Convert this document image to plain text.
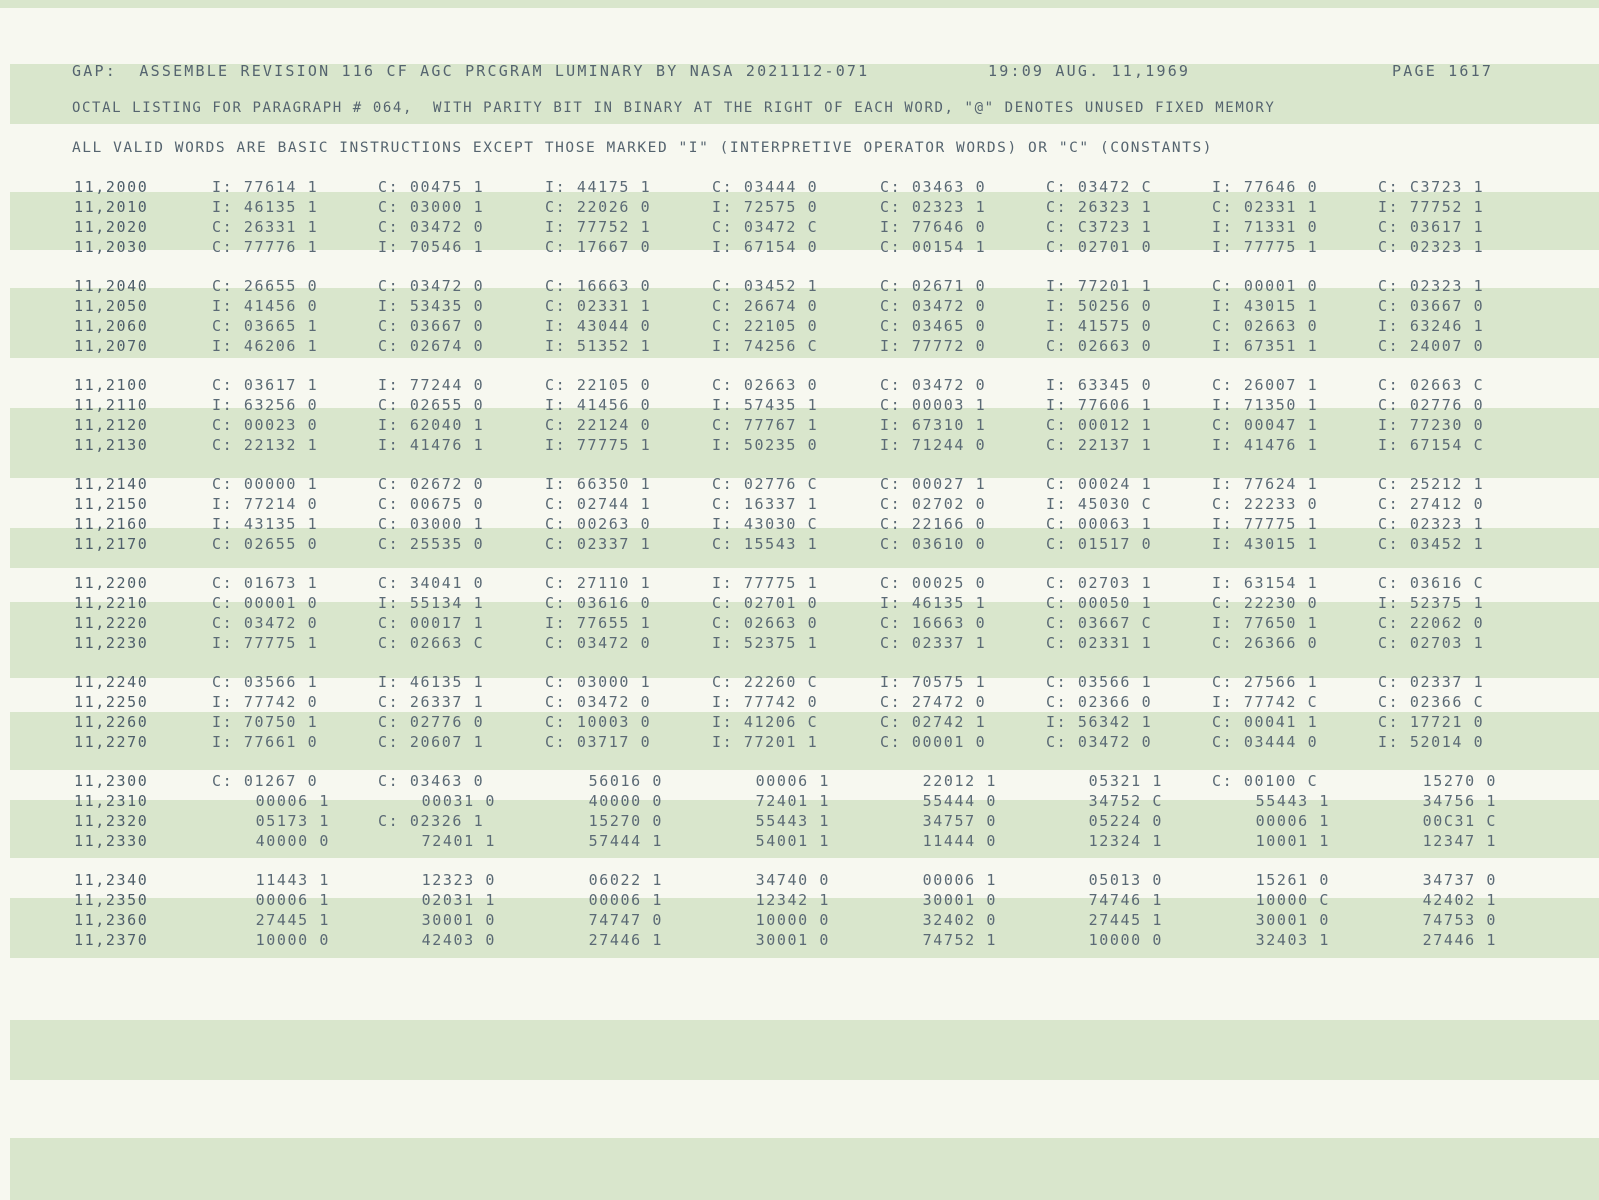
GAP:  ASSEMBLE REVISION 116 CF AGC PRCGRAM LUMINARY BY NASA 2021112-071	19:09 AUG. 11,1969	PAGE 1617
OCTAL LISTING FOR PARAGRAPH # 064,  WITH PARITY BIT IN BINARY AT THE RIGHT OF EACH WORD, "@" DENOTES UNUSED FIXED MEMORY
ALL VALID WORDS ARE BASIC INSTRUCTIONS EXCEPT THOSE MARKED "I" (INTERPRETIVE OPERATOR WORDS) OR "C" (CONSTANTS)
11,2000	I: 77614 1	C: 00475 1	I: 44175 1	C: 03444 0	C: 03463 0	C: 03472 C	I: 77646 0	C: C3723 1
11,2010	I: 46135 1	C: 03000 1	C: 22026 0	I: 72575 0	C: 02323 1	C: 26323 1	C: 02331 1	I: 77752 1
11,2020	C: 26331 1	C: 03472 0	I: 77752 1	C: 03472 C	I: 77646 0	C: C3723 1	I: 71331 0	C: 03617 1
11,2030	C: 77776 1	I: 70546 1	C: 17667 0	I: 67154 0	C: 00154 1	C: 02701 0	I: 77775 1	C: 02323 1
11,2040	C: 26655 0	C: 03472 0	C: 16663 0	C: 03452 1	C: 02671 0	I: 77201 1	C: 00001 0	C: 02323 1
11,2050	I: 41456 0	I: 53435 0	C: 02331 1	C: 26674 0	C: 03472 0	I: 50256 0	I: 43015 1	C: 03667 0
11,2060	C: 03665 1	C: 03667 0	I: 43044 0	C: 22105 0	C: 03465 0	I: 41575 0	C: 02663 0	I: 63246 1
11,2070	I: 46206 1	C: 02674 0	I: 51352 1	I: 74256 C	I: 77772 0	C: 02663 0	I: 67351 1	C: 24007 0
11,2100	C: 03617 1	I: 77244 0	C: 22105 0	C: 02663 0	C: 03472 0	I: 63345 0	C: 26007 1	C: 02663 C
11,2110	I: 63256 0	C: 02655 0	I: 41456 0	I: 57435 1	C: 00003 1	I: 77606 1	I: 71350 1	C: 02776 0
11,2120	C: 00023 0	I: 62040 1	C: 22124 0	C: 77767 1	I: 67310 1	C: 00012 1	C: 00047 1	I: 77230 0
11,2130	C: 22132 1	I: 41476 1	I: 77775 1	I: 50235 0	I: 71244 0	C: 22137 1	I: 41476 1	I: 67154 C
11,2140	C: 00000 1	C: 02672 0	I: 66350 1	C: 02776 C	C: 00027 1	C: 00024 1	I: 77624 1	C: 25212 1
11,2150	I: 77214 0	C: 00675 0	C: 02744 1	C: 16337 1	C: 02702 0	I: 45030 C	C: 22233 0	C: 27412 0
11,2160	I: 43135 1	C: 03000 1	C: 00263 0	I: 43030 C	C: 22166 0	C: 00063 1	I: 77775 1	C: 02323 1
11,2170	C: 02655 0	C: 25535 0	C: 02337 1	C: 15543 1	C: 03610 0	C: 01517 0	I: 43015 1	C: 03452 1
11,2200	C: 01673 1	C: 34041 0	C: 27110 1	I: 77775 1	C: 00025 0	C: 02703 1	I: 63154 1	C: 03616 C
11,2210	C: 00001 0	I: 55134 1	C: 03616 0	C: 02701 0	I: 46135 1	C: 00050 1	C: 22230 0	I: 52375 1
11,2220	C: 03472 0	C: 00017 1	I: 77655 1	C: 02663 0	C: 16663 0	C: 03667 C	I: 77650 1	C: 22062 0
11,2230	I: 77775 1	C: 02663 C	C: 03472 0	I: 52375 1	C: 02337 1	C: 02331 1	C: 26366 0	C: 02703 1
11,2240	C: 03566 1	I: 46135 1	C: 03000 1	C: 22260 C	I: 70575 1	C: 03566 1	C: 27566 1	C: 02337 1
11,2250	I: 77742 0	C: 26337 1	C: 03472 0	I: 77742 0	C: 27472 0	C: 02366 0	I: 77742 C	C: 02366 C
11,2260	I: 70750 1	C: 02776 0	C: 10003 0	I: 41206 C	C: 02742 1	I: 56342 1	C: 00041 1	C: 17721 0
11,2270	I: 77661 0	C: 20607 1	C: 03717 0	I: 77201 1	C: 00001 0	C: 03472 0	C: 03444 0	I: 52014 0
11,2300	C: 01267 0	C: 03463 0	56016 0	00006 1	22012 1	05321 1	C: 00100 C	15270 0
11,2310	00006 1	00031 0	40000 0	72401 1	55444 0	34752 C	55443 1	34756 1
11,2320	05173 1	C: 02326 1	15270 0	55443 1	34757 0	05224 0	00006 1	00C31 C
11,2330	40000 0	72401 1	57444 1	54001 1	11444 0	12324 1	10001 1	12347 1
11,2340	11443 1	12323 0	06022 1	34740 0	00006 1	05013 0	15261 0	34737 0
11,2350	00006 1	02031 1	00006 1	12342 1	30001 0	74746 1	10000 C	42402 1
11,2360	27445 1	30001 0	74747 0	10000 0	32402 0	27445 1	30001 0	74753 0
11,2370	10000 0	42403 0	27446 1	30001 0	74752 1	10000 0	32403 1	27446 1
